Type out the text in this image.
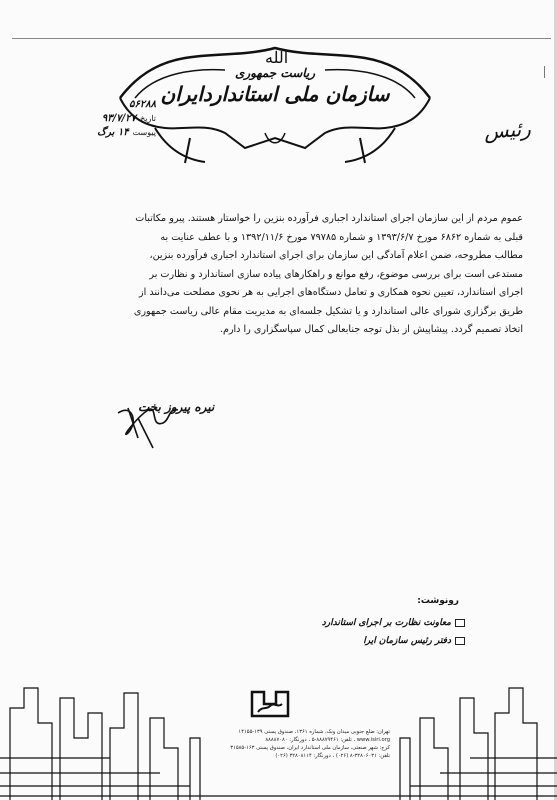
الله
ریاست جمهوری
سازمان ملی استانداردایران
۵۶۲۸۸
تاریخ
۹۳/۷/۲۷
پیوست
۱۴ برگ	رئیس
عموم مردم از این سازمان اجرای استاندارد اجباری فرآورده بنزین را خواستار هستند. پیرو مکاتبات
قبلی به شماره ۶۸۶۲ مورخ ۱۳۹۳/۶/۷ و شماره ۷۹۷۸۵ مورخ ۱۳۹۲/۱۱/۶ و با عطف عنایت به
مطالب مطروحه، ضمن اعلام آمادگی این سازمان برای اجرای استاندارد اجباری فرآورده بنزین،
مستدعی است برای بررسی موضوع، رفع موانع و راهکارهای پیاده سازی استاندارد و نظارت بر
اجرای استاندارد، تعیین نحوه همکاری و تعامل دستگاه‌های اجرایی به هر نحوی مصلحت می‌دانند از
طریق برگزاری شورای عالی استاندارد و یا تشکیل جلسه‌ای به مدیریت مقام عالی ریاست جمهوری
اتخاذ تصمیم گردد. پیشاپیش از بذل توجه جنابعالی کمال سپاسگزاری را دارم.
نیره پیروز بخت
رونوشت:
معاونت نظارت بر اجرای استاندارد
دفتر رئیس سازمان ایرا
تهران: ضلع جنوبی میدان ونک، شماره ۱۳۶۱، صندوق پستی ۱۳۹-۱۴۱۵۵
www.isiri.org ، تلفن: ۸۸۸۷۹۴۶۱-۵ ، دورنگار: ۸۸۸۸۷۰۸۰
کرج: شهر صنعتی، سازمان ملی استاندارد ایران، صندوق پستی ۱۶۳-۳۱۵۸۵
تلفن: ۳۲۸۰۶۰۳۱-۸ (۰۲۶) ، دورنگار: ۳۲۸۰۸۱۱۴ (۰۲۶)
